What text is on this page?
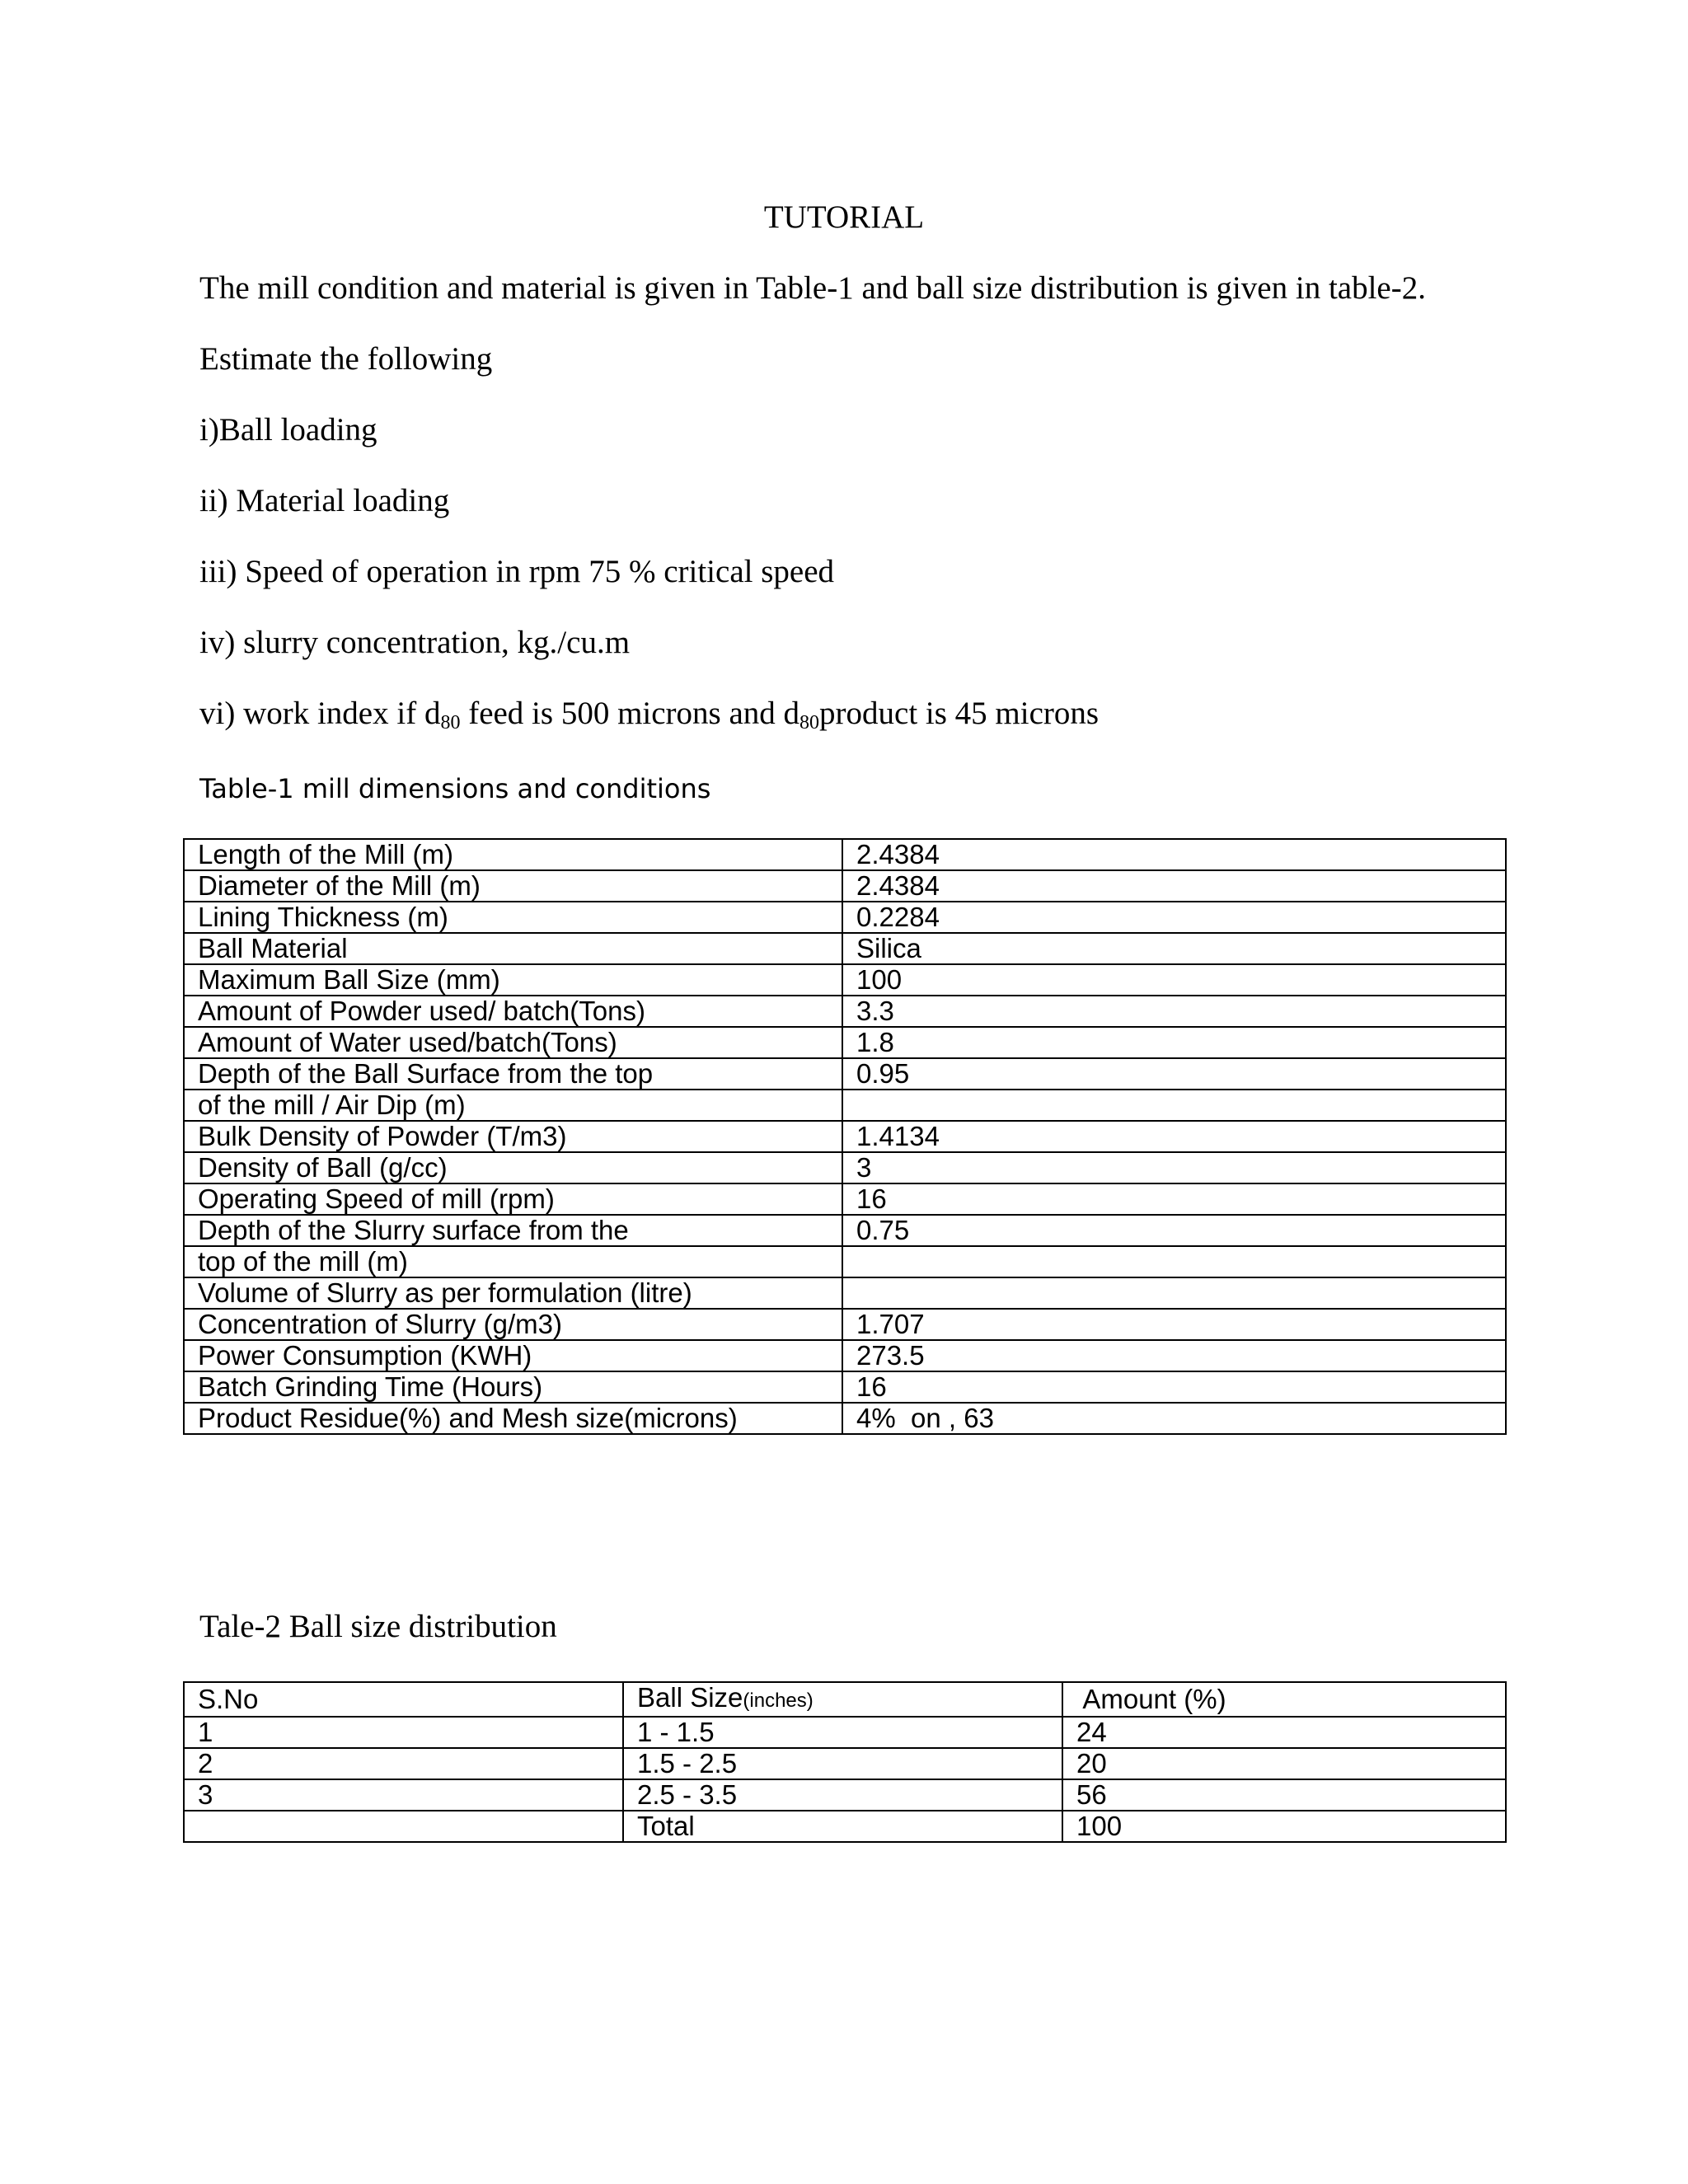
TUTORIAL
The mill condition and material is given in Table-1 and ball size distribution is given in table-2.
Estimate the following
i)Ball loading
ii) Material loading
iii) Speed of operation in rpm 75 % critical speed
iv) slurry concentration, kg./cu.m
vi) work index if $d_{80}$ feed is 500 microns and $d_{80}product$ is 45 microns
Table-1 mill dimensions and conditions
Length of the Mill (m)	2.4384
Diameter of the Mill (m)	2.4384
Lining Thickness (m)	0.2284
Ball Material	Silica
Maximum Ball Size (mm)	100
Amount of Powder used/ batch(Tons)	3.3
Amount of Water used/batch(Tons)	1.8
Depth of the Ball Surface from the top	0.95
of the mill / Air Dip (m)	
Bulk Density of Powder (T/m3)	1.4134
Density of Ball (g/cc)	3
Operating Speed of mill (rpm)	16
Depth of the Slurry surface from the	0.75
top of the mill (m)	
Volume of Slurry as per formulation (litre)	
Concentration of Slurry (g/m3)	1.707
Power Consumption (KWH)	273.5
Batch Grinding Time (Hours)	16
Product Residue(%) and Mesh size(microns)	4%  on , 63
Tale-2 Ball size distribution
S.No	Ball Size(inches)	Amount (%)
1	1 - 1.5	24
2	1.5 - 2.5	20
3	2.5 - 3.5	56
	Total	100
